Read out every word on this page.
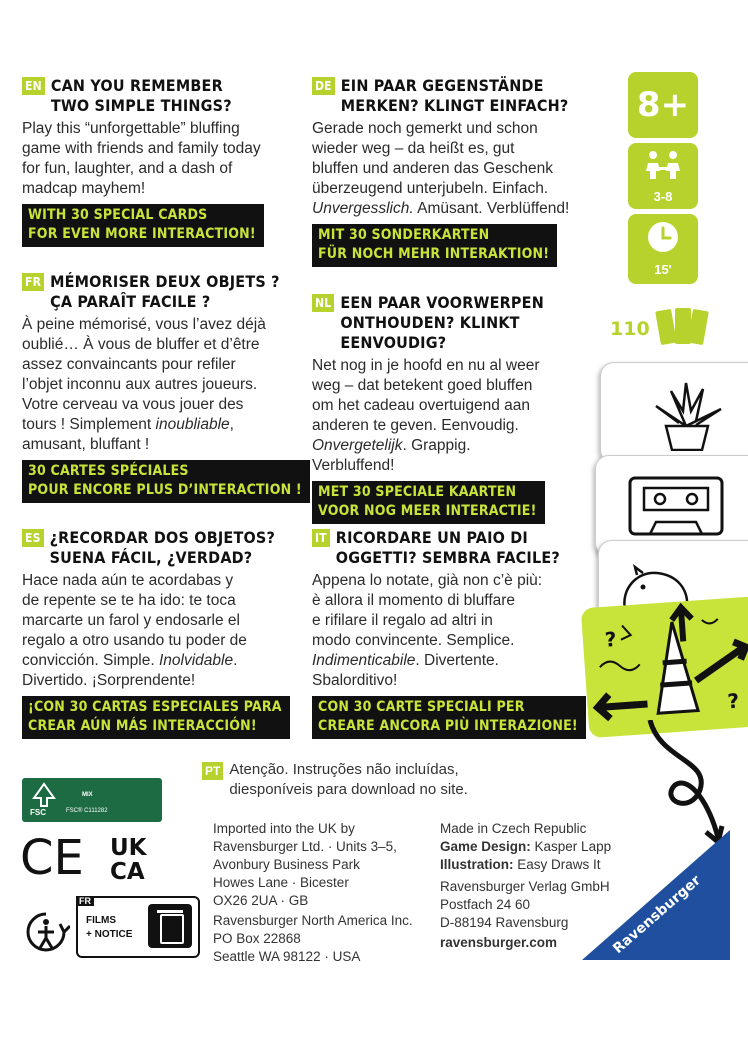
EN CAN YOU REMEMBER
TWO SIMPLE THINGS?
Play this “unforgettable” bluffing
game with friends and family today
for fun, laughter, and a dash of
madcap mayhem!
WITH 30 SPECIAL CARDS
FOR EVEN MORE INTERACTION!
FR MÉMORISER DEUX OBJETS ?
ÇA PARAÎT FACILE ?
À peine mémorisé, vous l’avez déjà
oublié… À vous de bluffer et d’être
assez convaincants pour refiler
l’objet inconnu aux autres joueurs.
Votre cerveau va vous jouer des
tours ! Simplement inoubliable,
amusant, bluffant !
30 CARTES SPÉCIALES
POUR ENCORE PLUS D’INTERACTION !
ES ¿RECORDAR DOS OBJETOS?
SUENA FÁCIL, ¿VERDAD?
Hace nada aún te acordabas y
de repente se te ha ido: te toca
marcarte un farol y endosarle el
regalo a otro usando tu poder de
convicción. Simple. Inolvidable.
Divertido. ¡Sorprendente!
¡CON 30 CARTAS ESPECIALES PARA
CREAR AÚN MÁS INTERACCIÓN!
DE EIN PAAR GEGENSTÄNDE
MERKEN? KLINGT EINFACH?
Gerade noch gemerkt und schon
wieder weg – da heißt es, gut
bluffen und anderen das Geschenk
überzeugend unterjubeln. Einfach.
Unvergesslich. Amüsant. Verblüffend!
MIT 30 SONDERKARTEN
FÜR NOCH MEHR INTERAKTION!
NL EEN PAAR VOORWERPEN
ONTHOUDEN? KLINKT EENVOUDIG?
Net nog in je hoofd en nu al weer
weg – dat betekent goed bluffen
om het cadeau overtuigend aan
anderen te geven. Eenvoudig.
Onvergetelijk. Grappig.
Verbluffend!
MET 30 SPECIALE KAARTEN
VOOR NOG MEER INTERACTIE!
IT RICORDARE UN PAIO DI
OGGETTI? SEMBRA FACILE?
Appena lo notate, già non c’è più:
è allora il momento di bluffare
e rifilare il regalo ad altri in
modo convincente. Semplice.
Indimenticabile. Divertente.
Sbalorditivo!
CON 30 CARTE SPECIALI PER
CREARE ANCORA PIÙ INTERAZIONE!
8+
3-8
15'
110
?
?
PT Atenção. Instruções não incluídas,
diesponíveis para download no site.
FSC
MIX
FSC® C111282
CE UK
CA
FR
FILMS
+ NOTICE
Imported into the UK by
Ravensburger Ltd. · Units 3–5,
Avonbury Business Park
Howes Lane · Bicester
OX26 2UA · GB
Ravensburger North America Inc.
PO Box 22868
Seattle WA 98122 · USA
Made in Czech Republic
Game Design: Kasper Lapp
Illustration: Easy Draws It
Ravensburger Verlag GmbH
Postfach 24 60
D-88194 Ravensburg
ravensburger.com	Ravensburger
